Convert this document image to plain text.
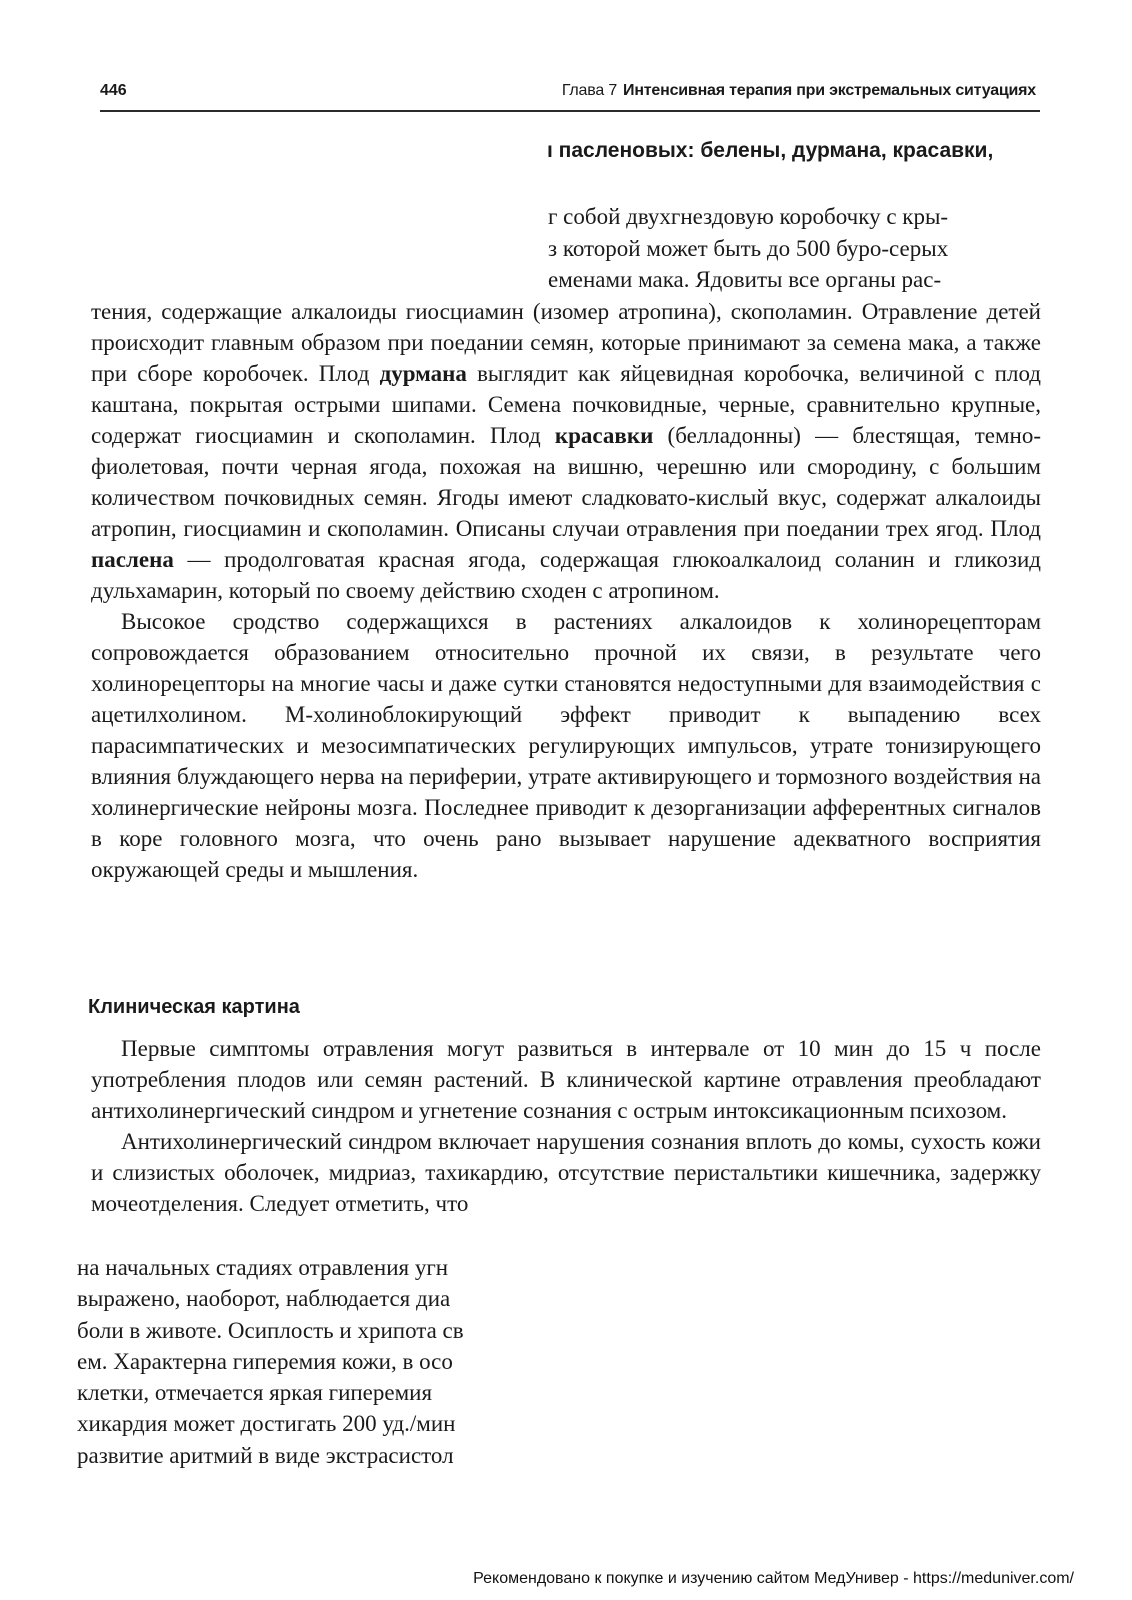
446	Глава 7 Интенсивная терапия при экстремальных ситуациях
ı пасленовых: белены, дурмана, красавки,
г собой двухгнездовую коробочку с кры-
з которой может быть до 500 буро-серых
еменами мака. Ядовиты все органы рас-

тения, содержащие алкалоиды гиосциамин (изомер атропина), скополамин. Отравление детей происходит главным образом при поедании семян, которые принимают за семена мака, а также при сборе коробочек. Плод дурмана выглядит как яйцевидная коробочка, величиной с плод каштана, покрытая острыми шипами. Семена почковидные, черные, сравнительно крупные, содержат гиосциамин и скополамин. Плод красавки (белладонны) — блестящая, темно-фиолетовая, почти черная ягода, похожая на вишню, черешню или смородину, с большим количеством почковидных семян. Ягоды имеют сладковато-кислый вкус, содержат алкалоиды атропин, гиосциамин и скополамин. Описаны случаи отравления при поедании трех ягод. Плод паслена — продолговатая красная ягода, содержащая глюкоалкалоид соланин и гликозид дульхамарин, который по своему действию сходен с атропином.

Высокое сродство содержащихся в растениях алкалоидов к холинорецепторам сопровождается образованием относительно прочной их связи, в результате чего холинорецепторы на многие часы и даже сутки становятся недоступными для взаимодействия с ацетилхолином. М-холиноблокирующий эффект приводит к выпадению всех парасимпатических и мезосимпатических регулирующих импульсов, утрате тонизирующего влияния блуждающего нерва на периферии, утрате активирующего и тормозного воздействия на холинергические нейроны мозга. Последнее приводит к дезорганизации афферентных сигналов в коре головного мозга, что очень рано вызывает нарушение адекватного восприятия окружающей среды и мышления.

Клиническая картина

Первые симптомы отравления могут развиться в интервале от 10 мин до 15 ч после употребления плодов или семян растений. В клинической картине отравления преобладают антихолинергический синдром и угнетение сознания с острым интоксикационным психозом.

Антихолинергический синдром включает нарушения сознания вплоть до комы, сухость кожи и слизистых оболочек, мидриаз, тахикардию, отсутствие перистальтики кишечника, задержку мочеотделения. Следует отметить, что

на начальных стадиях отравления угн
выражено, наоборот, наблюдается диа
боли в животе. Осиплость и хрипота св
ем. Характерна гиперемия кожи, в осо
клетки, отмечается яркая гиперемия
хикардия может достигать 200 уд./мин
развитие аритмий в виде экстрасистол
Рекомендовано к покупке и изучению сайтом МедУнивер - https://meduniver.com/
